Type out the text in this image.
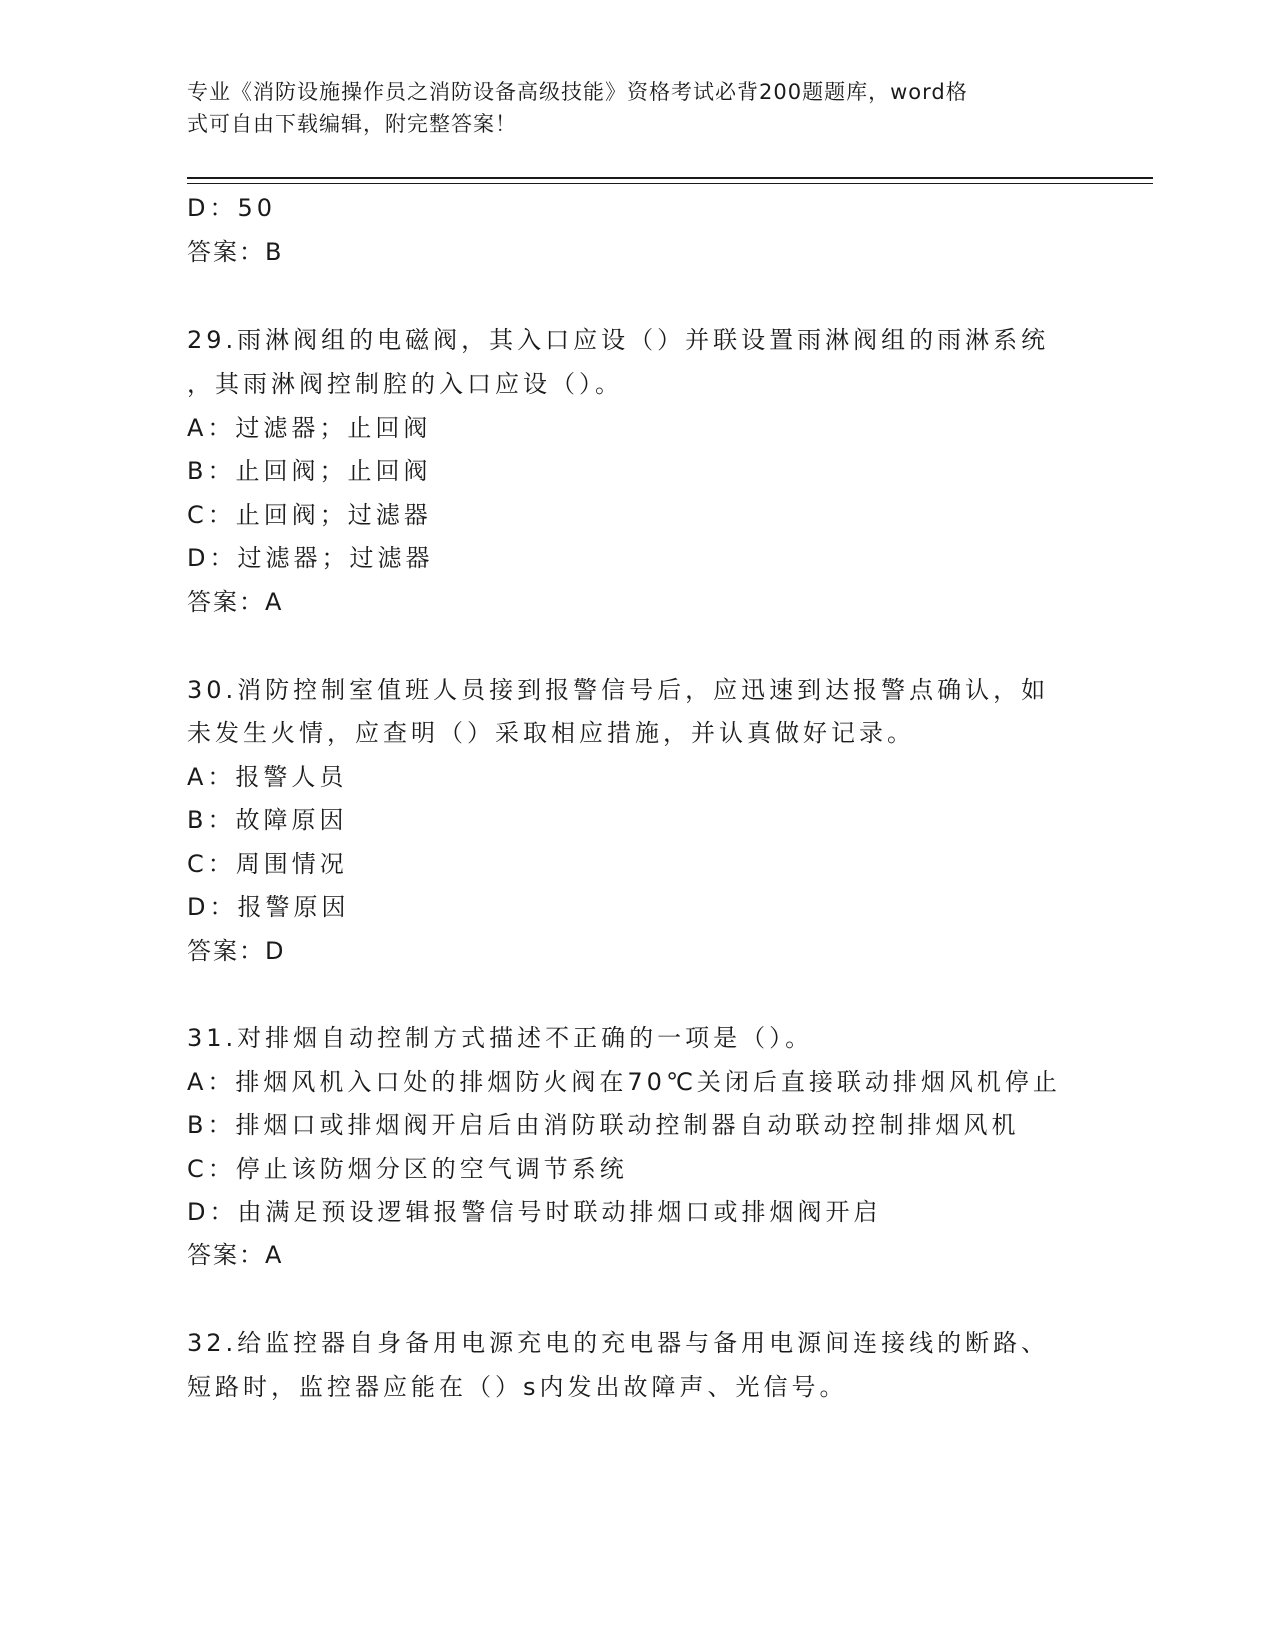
专业《消防设施操作员之消防设备高级技能》资格考试必背200题题库，word格
式可自由下载编辑，附完整答案！
D：50
答案：B
29.雨淋阀组的电磁阀，其入口应设（）并联设置雨淋阀组的雨淋系统
，其雨淋阀控制腔的入口应设（）。
A：过滤器；止回阀
B：止回阀；止回阀
C：止回阀；过滤器
D：过滤器；过滤器
答案：A
30.消防控制室值班人员接到报警信号后，应迅速到达报警点确认，如
未发生火情，应查明（）采取相应措施，并认真做好记录。
A：报警人员
B：故障原因
C：周围情况
D：报警原因
答案：D
31.对排烟自动控制方式描述不正确的一项是（）。
A：排烟风机入口处的排烟防火阀在70℃关闭后直接联动排烟风机停止
B：排烟口或排烟阀开启后由消防联动控制器自动联动控制排烟风机
C：停止该防烟分区的空气调节系统
D：由满足预设逻辑报警信号时联动排烟口或排烟阀开启
答案：A
32.给监控器自身备用电源充电的充电器与备用电源间连接线的断路、
短路时，监控器应能在（）s内发出故障声、光信号。
